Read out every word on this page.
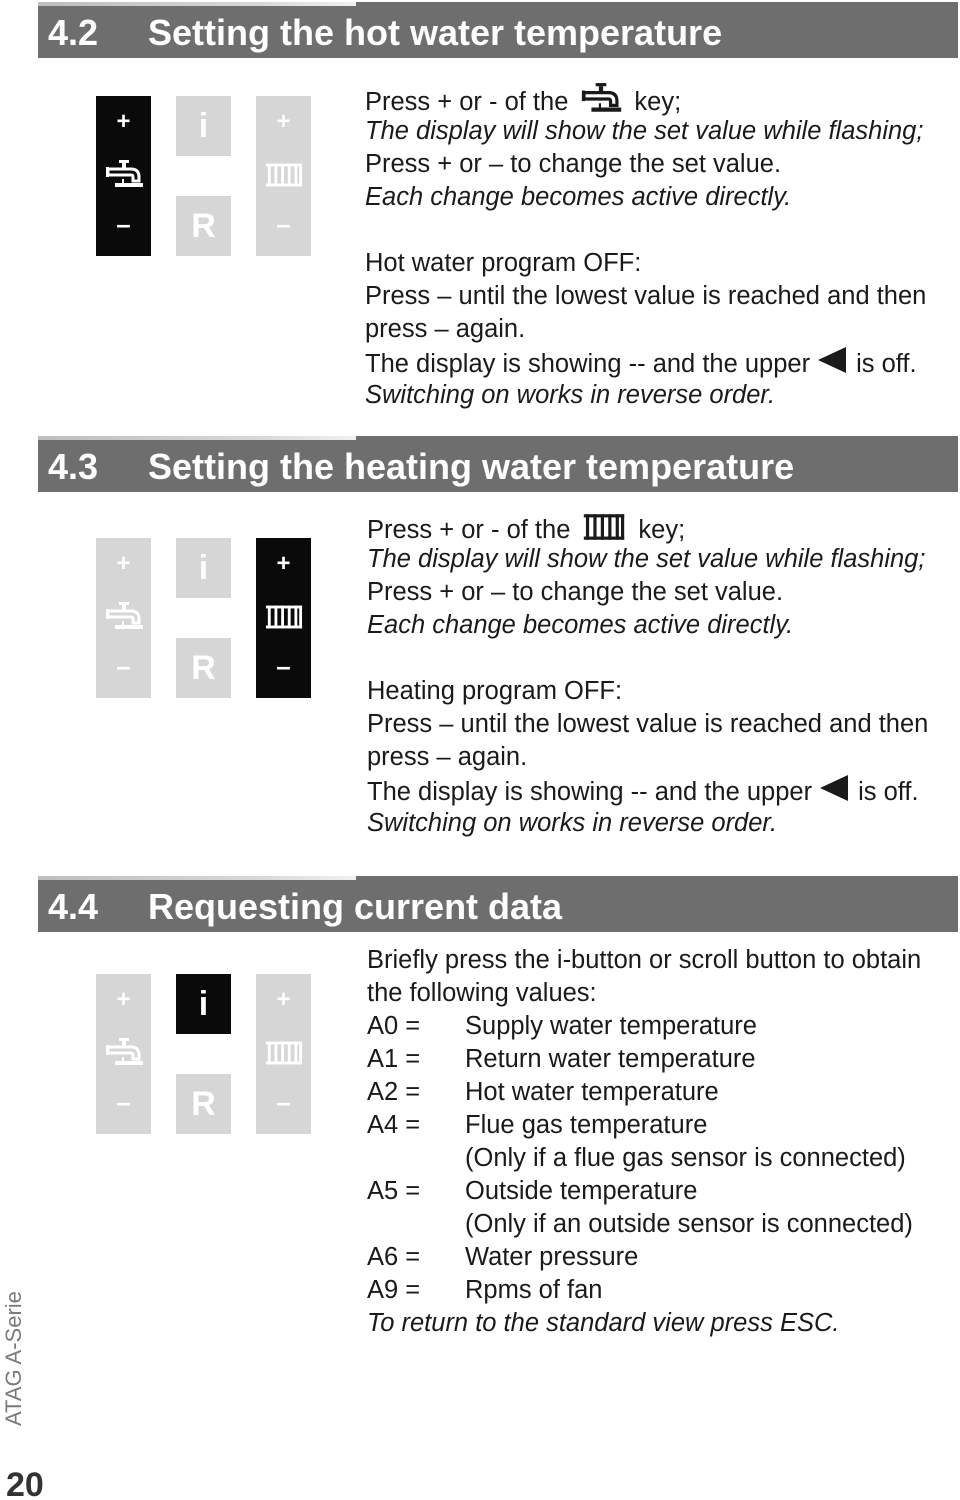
4.2 Setting the hot water temperature
+
–
i
R
+
–
Press + or - of the	key;
The display will show the set value while flashing;
Press + or – to change the set value.
Each change becomes active directly.
Hot water program OFF:
Press – until the lowest value is reached and then
press – again.
The display is showing -- and the upper is off.
Switching on works in reverse order.
4.3 Setting the heating water temperature
+
–
i
R
+
–
Press + or - of the	key;
The display will show the set value while flashing;
Press + or – to change the set value.
Each change becomes active directly.
Heating program OFF:
Press – until the lowest value is reached and then
press – again.
The display is showing -- and the upper is off.
Switching on works in reverse order.
4.4 Requesting current data
+
–
i
R
+
–
Briefly press the i-button or scroll button to obtain
the following values:
A0 = Supply water temperature
A1 = Return water temperature
A2 = Hot water temperature
A4 = Flue gas temperature
(Only if a flue gas sensor is connected)
A5 = Outside temperature
(Only if an outside sensor is connected)
A6 = Water pressure
A9 = Rpms of fan
To return to the standard view press ESC.
ATAG A-Serie
20
